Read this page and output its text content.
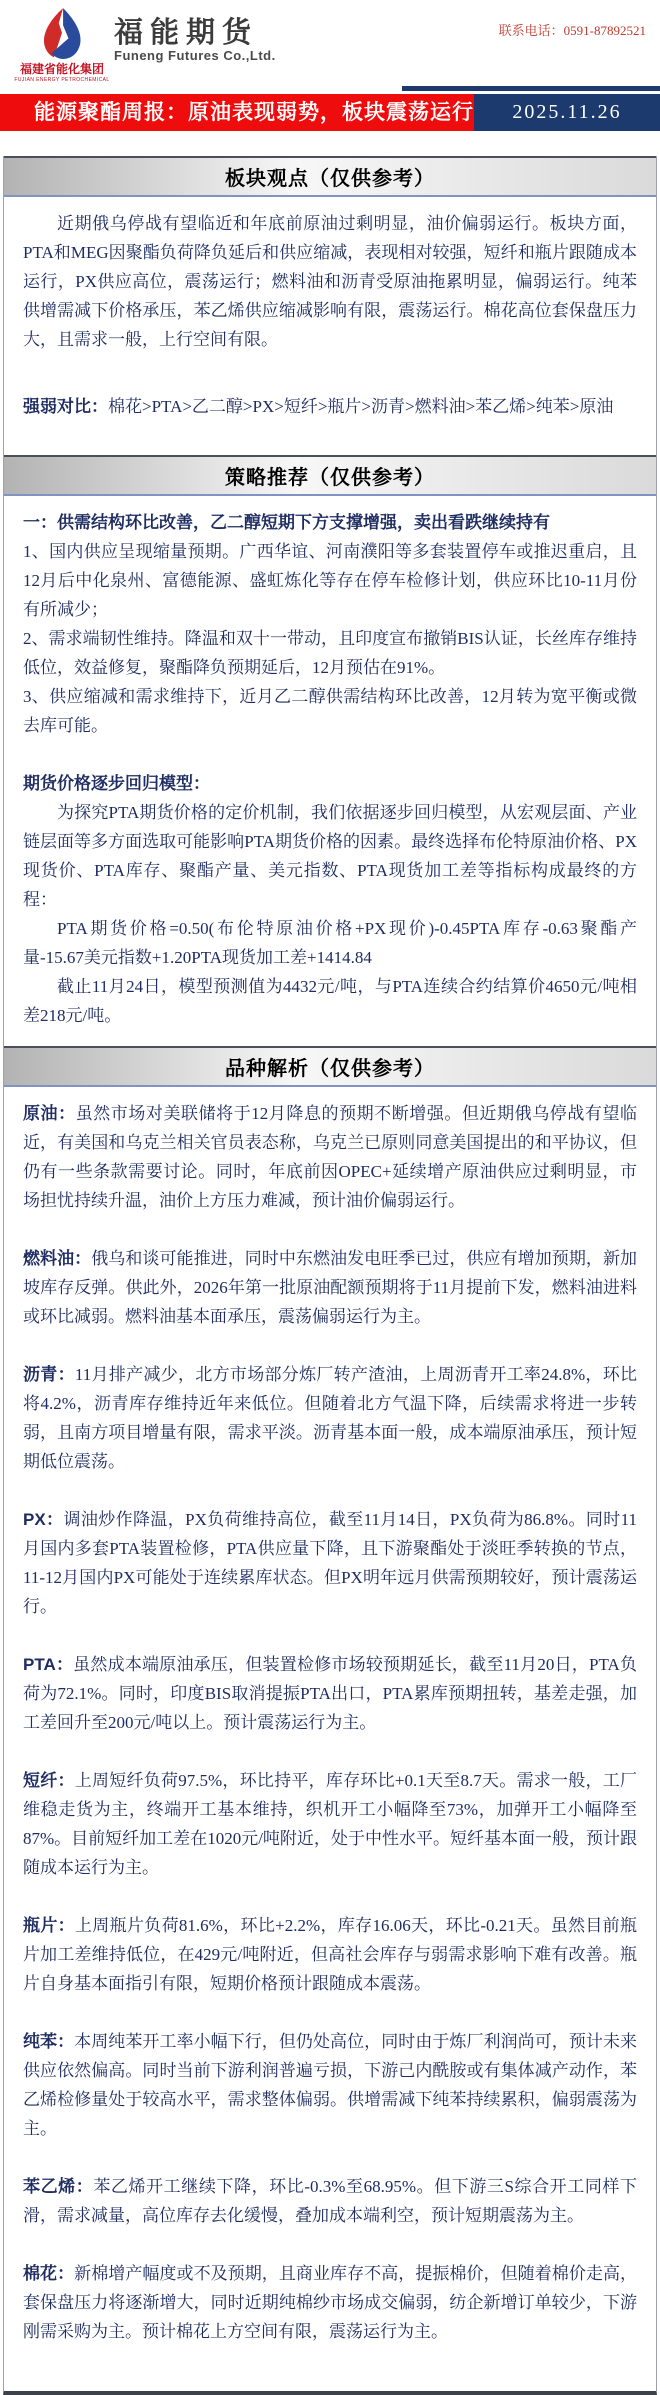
福建省能化集团
FUJIAN ENERGY PETROCHEMICAL
福能期货
Funeng Futures Co.,Ltd.
联系电话：0591-87892521
能源聚酯周报：原油表现弱势，板块震荡运行	2025.11.26
板块观点（仅供参考）

近期俄乌停战有望临近和年底前原油过剩明显，油价偏弱运行。板块方面，PTA和MEG因聚酯负荷降负延后和供应缩减，表现相对较强，短纤和瓶片跟随成本运行，PX供应高位，震荡运行；燃料油和沥青受原油拖累明显，偏弱运行。纯苯供增需减下价格承压，苯乙烯供应缩减影响有限，震荡运行。棉花高位套保盘压力大，且需求一般，上行空间有限。

强弱对比：棉花>PTA>乙二醇>PX>短纤>瓶片>沥青>燃料油>苯乙烯>纯苯>原油

策略推荐（仅供参考）

一：供需结构环比改善，乙二醇短期下方支撑增强，卖出看跌继续持有

1、国内供应呈现缩量预期。广西华谊、河南濮阳等多套装置停车或推迟重启，且12月后中化泉州、富德能源、盛虹炼化等存在停车检修计划，供应环比10-11月份有所减少；

2、需求端韧性维持。降温和双十一带动，且印度宣布撤销BIS认证，长丝库存维持低位，效益修复，聚酯降负预期延后，12月预估在91%。

3、供应缩减和需求维持下，近月乙二醇供需结构环比改善，12月转为宽平衡或微去库可能。

期货价格逐步回归模型：

为探究PTA期货价格的定价机制，我们依据逐步回归模型，从宏观层面、产业链层面等多方面选取可能影响PTA期货价格的因素。最终选择布伦特原油价格、PX现货价、PTA库存、聚酯产量、美元指数、PTA现货加工差等指标构成最终的方程：

PTA期货价格=0.50(布伦特原油价格+PX现价)-0.45PTA库存-0.63聚酯产量-15.67美元指数+1.20PTA现货加工差+1414.84

截止11月24日，模型预测值为4432元/吨，与PTA连续合约结算价4650元/吨相差218元/吨。

品种解析（仅供参考）

原油：虽然市场对美联储将于12月降息的预期不断增强。但近期俄乌停战有望临近，有美国和乌克兰相关官员表态称，乌克兰已原则同意美国提出的和平协议，但仍有一些条款需要讨论。同时，年底前因OPEC+延续增产原油供应过剩明显，市场担忧持续升温，油价上方压力难减，预计油价偏弱运行。

燃料油：俄乌和谈可能推进，同时中东燃油发电旺季已过，供应有增加预期，新加坡库存反弹。供此外，2026年第一批原油配额预期将于11月提前下发，燃料油进料或环比减弱。燃料油基本面承压，震荡偏弱运行为主。

沥青：11月排产减少，北方市场部分炼厂转产渣油，上周沥青开工率24.8%，环比将4.2%，沥青库存维持近年来低位。但随着北方气温下降，后续需求将进一步转弱，且南方项目增量有限，需求平淡。沥青基本面一般，成本端原油承压，预计短期低位震荡。

PX：调油炒作降温，PX负荷维持高位，截至11月14日，PX负荷为86.8%。同时11月国内多套PTA装置检修，PTA供应量下降，且下游聚酯处于淡旺季转换的节点，11-12月国内PX可能处于连续累库状态。但PX明年远月供需预期较好，预计震荡运行。

PTA：虽然成本端原油承压，但装置检修市场较预期延长，截至11月20日，PTA负荷为72.1%。同时，印度BIS取消提振PTA出口，PTA累库预期扭转，基差走强，加工差回升至200元/吨以上。预计震荡运行为主。

短纤：上周短纤负荷97.5%，环比持平，库存环比+0.1天至8.7天。需求一般，工厂维稳走货为主，终端开工基本维持，织机开工小幅降至73%，加弹开工小幅降至87%。目前短纤加工差在1020元/吨附近，处于中性水平。短纤基本面一般，预计跟随成本运行为主。

瓶片：上周瓶片负荷81.6%，环比+2.2%，库存16.06天，环比-0.21天。虽然目前瓶片加工差维持低位，在429元/吨附近，但高社会库存与弱需求影响下难有改善。瓶片自身基本面指引有限，短期价格预计跟随成本震荡。

纯苯：本周纯苯开工率小幅下行，但仍处高位，同时由于炼厂利润尚可，预计未来供应依然偏高。同时当前下游利润普遍亏损，下游己内酰胺或有集体减产动作，苯乙烯检修量处于较高水平，需求整体偏弱。供增需减下纯苯持续累积，偏弱震荡为主。

苯乙烯：苯乙烯开工继续下降，环比-0.3%至68.95%。但下游三S综合开工同样下滑，需求减量，高位库存去化缓慢，叠加成本端利空，预计短期震荡为主。

棉花：新棉增产幅度或不及预期，且商业库存不高，提振棉价，但随着棉价走高，套保盘压力将逐渐增大，同时近期纯棉纱市场成交偏弱，纺企新增订单较少，下游刚需采购为主。预计棉花上方空间有限，震荡运行为主。
